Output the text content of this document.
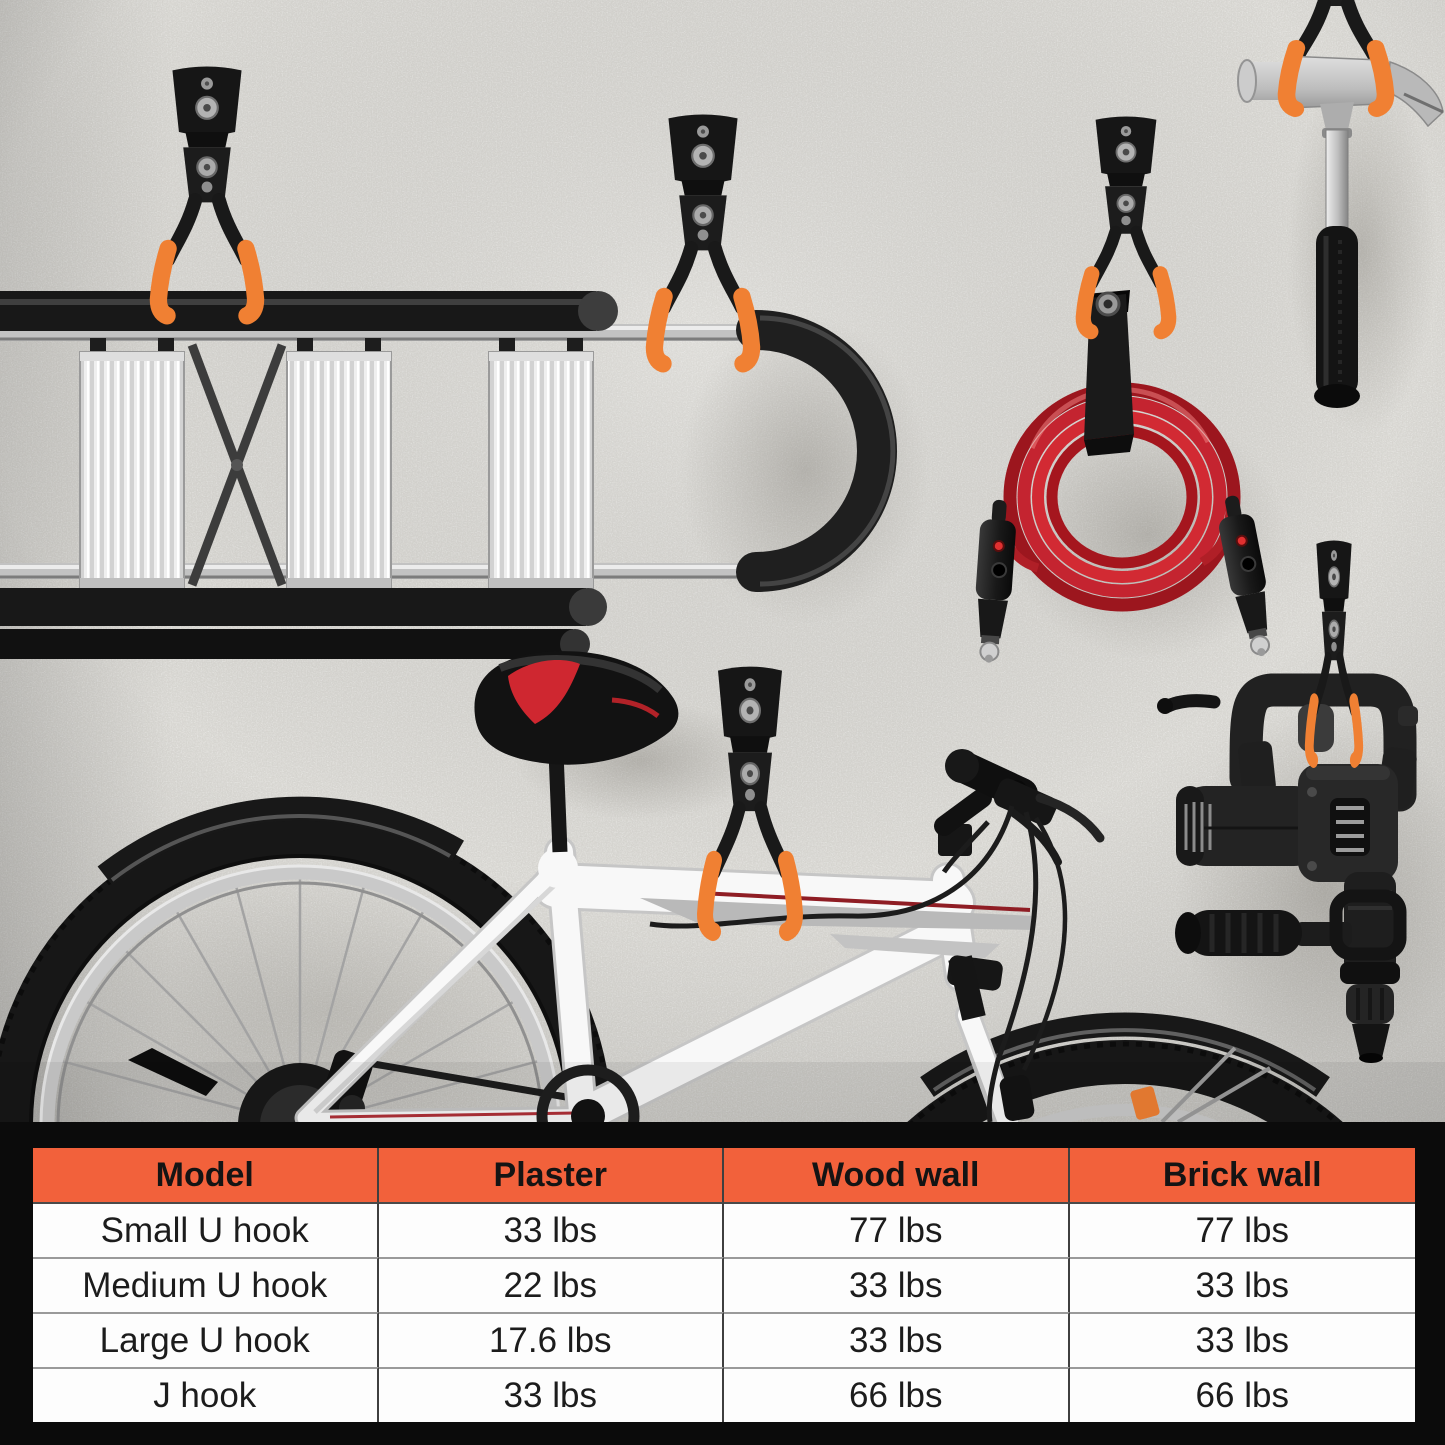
Model	Plaster	Wood wall	Brick wall
Small U hook	33 lbs	77 lbs	77 lbs
Medium U hook	22 lbs	33 lbs	33 lbs
Large U hook	17.6 lbs	33 lbs	33 lbs
J hook	33 lbs	66 lbs	66 lbs
